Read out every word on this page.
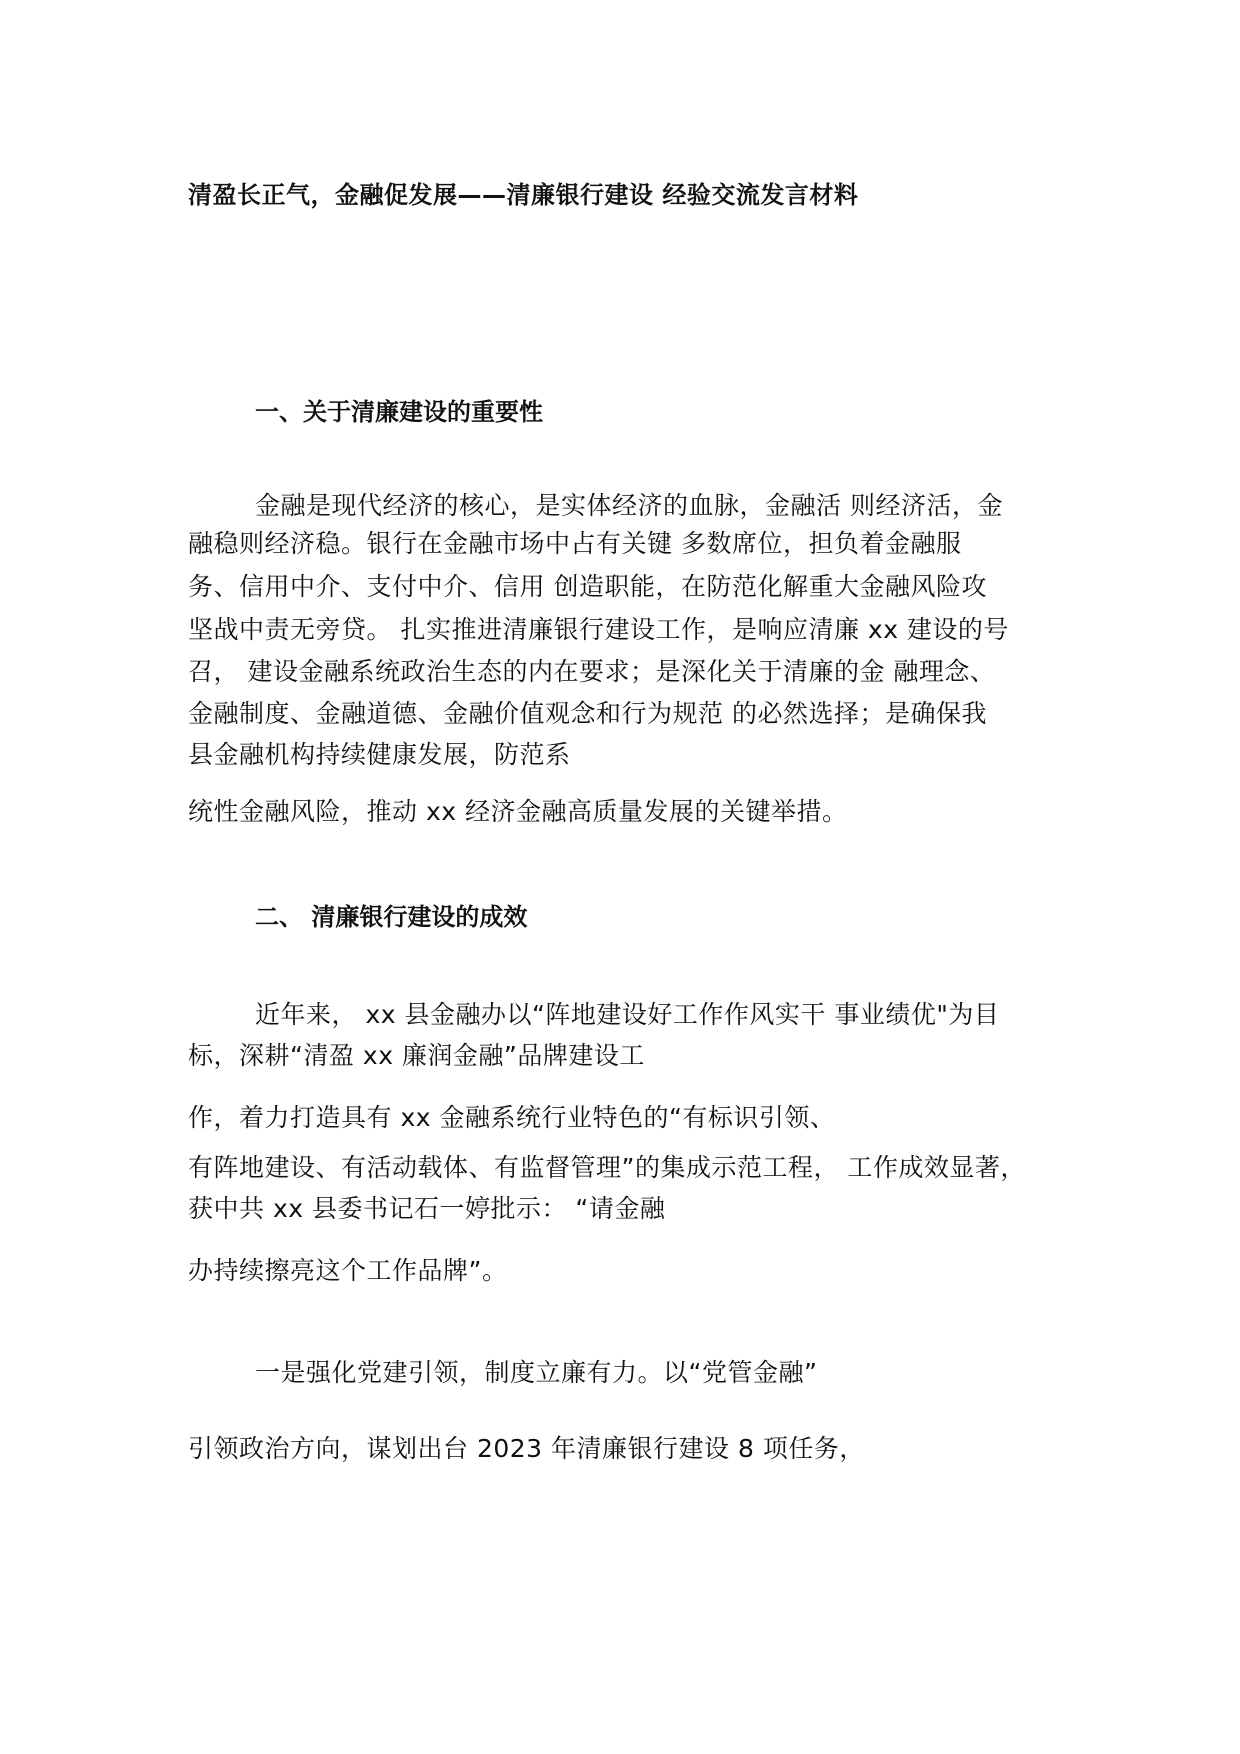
清盈长正气，金融促发展——清廉银行建设 经验交流发言材料
一、关于清廉建设的重要性

金融是现代经济的核心，是实体经济的血脉，金融活 则经济活，金

融稳则经济稳。银行在金融市场中占有关键 多数席位，担负着金融服

务、信用中介、支付中介、信用 创造职能，在防范化解重大金融风险攻

坚战中责无旁贷。 扎实推进清廉银行建设工作，是响应清廉 xx 建设的号

召， 建设金融系统政治生态的内在要求；是深化关于清廉的金 融理念、

金融制度、金融道德、金融价值观念和行为规范 的必然选择；是确保我

县金融机构持续健康发展，防范系

统性金融风险，推动 xx 经济金融高质量发展的关键举措。

二、 清廉银行建设的成效

近年来， xx 县金融办以“阵地建设好工作作风实干 事业绩优"为目

标，深耕“清盈 xx 廉润金融”品牌建设工

作，着力打造具有 xx 金融系统行业特色的“有标识引领、

有阵地建设、有活动载体、有监督管理”的集成示范工程， 工作成效显著，

获中共 xx 县委书记石一婷批示： “请金融

办持续擦亮这个工作品牌”。

一是强化党建引领，制度立廉有力。以“党管金融”

引领政治方向，谋划出台 2023 年清廉银行建设 8 项任务，
